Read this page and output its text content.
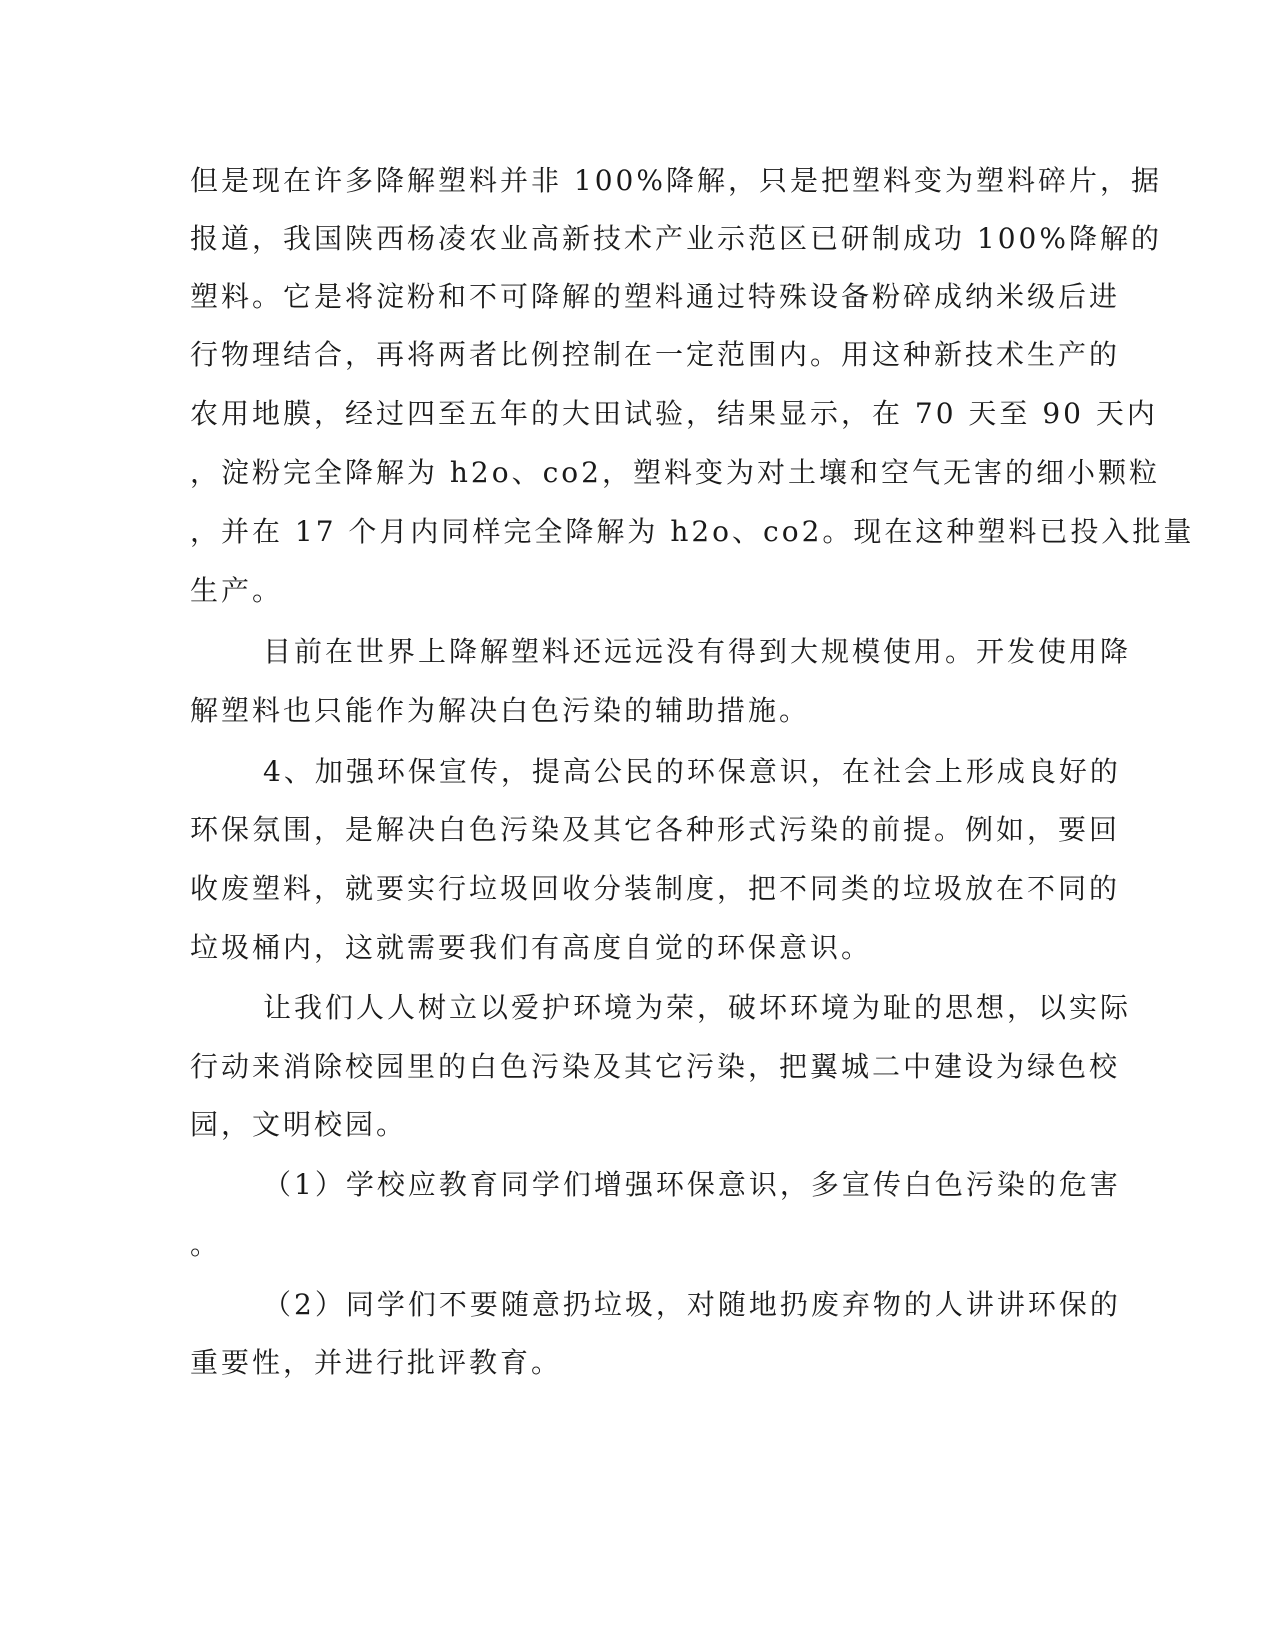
但是现在许多降解塑料并非 100%降解，只是把塑料变为塑料碎片，据
报道，我国陕西杨凌农业高新技术产业示范区已研制成功 100%降解的
塑料。它是将淀粉和不可降解的塑料通过特殊设备粉碎成纳米级后进
行物理结合，再将两者比例控制在一定范围内。用这种新技术生产的
农用地膜，经过四至五年的大田试验，结果显示，在 70 天至 90 天内
，淀粉完全降解为 h2o、co2，塑料变为对土壤和空气无害的细小颗粒
，并在 17 个月内同样完全降解为 h2o、co2。现在这种塑料已投入批量
生产。
目前在世界上降解塑料还远远没有得到大规模使用。开发使用降
解塑料也只能作为解决白色污染的辅助措施。
4、加强环保宣传，提高公民的环保意识，在社会上形成良好的
环保氛围，是解决白色污染及其它各种形式污染的前提。例如，要回
收废塑料，就要实行垃圾回收分装制度，把不同类的垃圾放在不同的
垃圾桶内，这就需要我们有高度自觉的环保意识。
让我们人人树立以爱护环境为荣，破坏环境为耻的思想，以实际
行动来消除校园里的白色污染及其它污染，把翼城二中建设为绿色校
园，文明校园。
（1）学校应教育同学们增强环保意识，多宣传白色污染的危害
。
（2）同学们不要随意扔垃圾，对随地扔废弃物的人讲讲环保的
重要性，并进行批评教育。
